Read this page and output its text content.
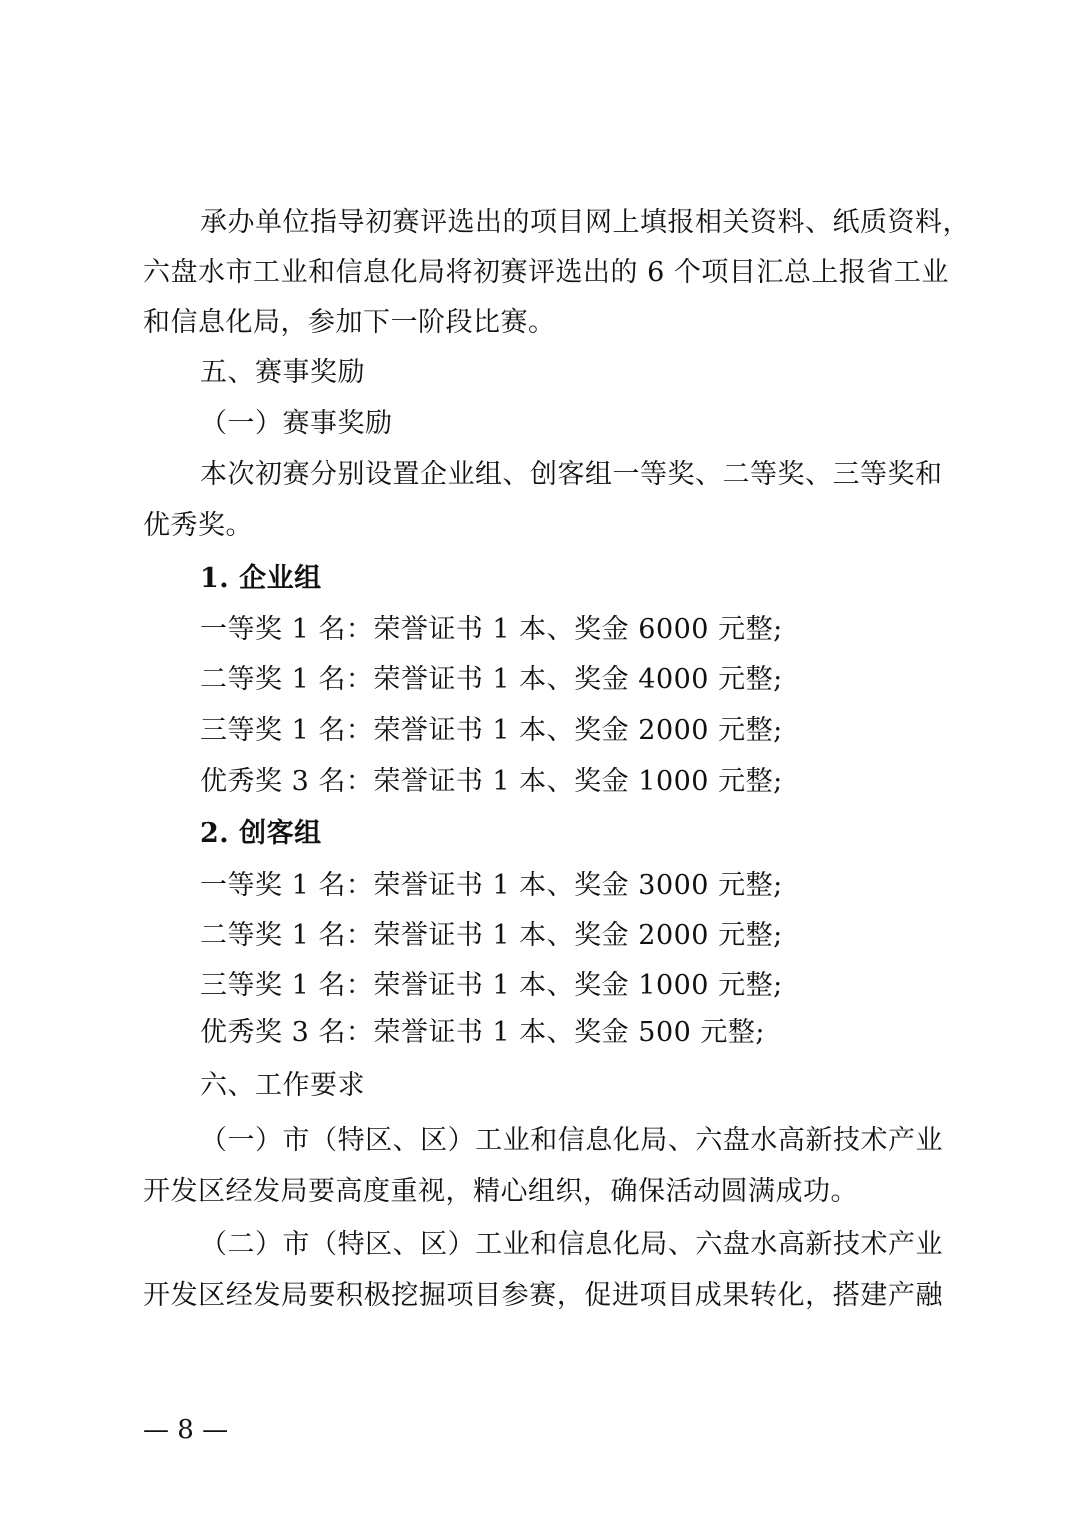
承办单位指导初赛评选出的项目网上填报相关资料、纸质资料，
六盘水市工业和信息化局将初赛评选出的 6 个项目汇总上报省工业
和信息化局，参加下一阶段比赛。
五、赛事奖励
（一）赛事奖励
本次初赛分别设置企业组、创客组一等奖、二等奖、三等奖和
优秀奖。
1. 企业组
一等奖 1 名：荣誉证书 1 本、奖金 6000 元整;
二等奖 1 名：荣誉证书 1 本、奖金 4000 元整;
三等奖 1 名：荣誉证书 1 本、奖金 2000 元整;
优秀奖 3 名：荣誉证书 1 本、奖金 1000 元整;
2. 创客组
一等奖 1 名：荣誉证书 1 本、奖金 3000 元整;
二等奖 1 名：荣誉证书 1 本、奖金 2000 元整;
三等奖 1 名：荣誉证书 1 本、奖金 1000 元整;
优秀奖 3 名：荣誉证书 1 本、奖金 500 元整;
六、工作要求
（一）市（特区、区）工业和信息化局、六盘水高新技术产业
开发区经发局要高度重视，精心组织，确保活动圆满成功。
（二）市（特区、区）工业和信息化局、六盘水高新技术产业
开发区经发局要积极挖掘项目参赛，促进项目成果转化，搭建产融
— 8 —
